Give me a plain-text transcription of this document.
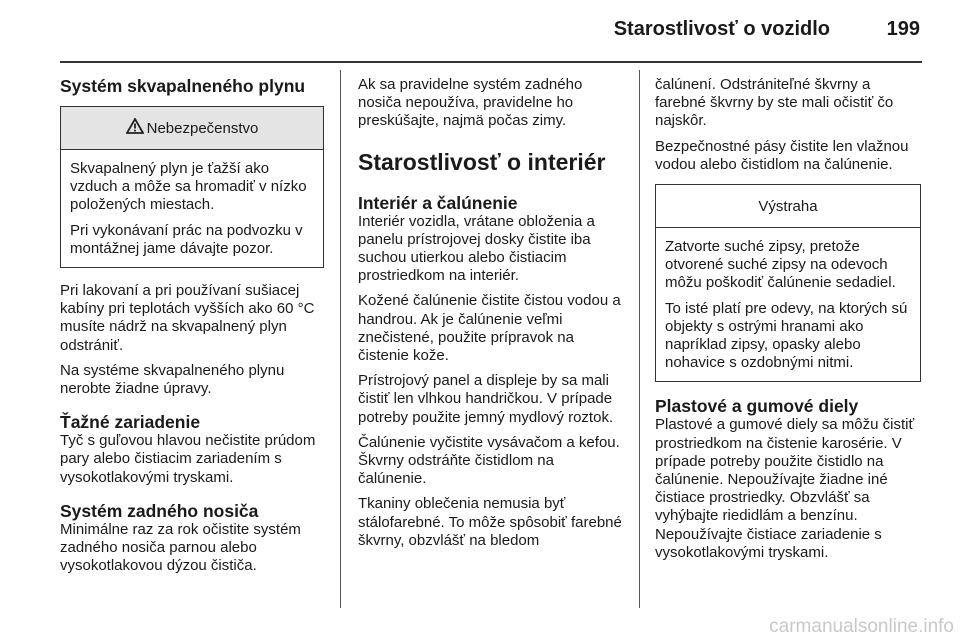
Starostlivosť o vozidlo	199
Systém skvapalneného plynu
Nebezpečenstvo

Skvapalnený plyn je ťažší ako vzduch a môže sa hromadiť v nízko položených miestach.

Pri vykonávaní prác na podvozku v montážnej jame dávajte pozor.

Pri lakovaní a pri používaní sušiacej kabíny pri teplotách vyšších ako 60 °C musíte nádrž na skvapalnený plyn odstrániť.

Na systéme skvapalneného plynu nerobte žiadne úpravy.

Ťažné zariadenie

Tyč s guľovou hlavou nečistite prúdom pary alebo čistiacim zariadením s vysokotlakovými tryskami.

Systém zadného nosiča

Minimálne raz za rok očistite systém zadného nosiča parnou alebo vysokotlakovou dýzou čističa.

Ak sa pravidelne systém zadného nosiča nepoužíva, pravidelne ho preskúšajte, najmä počas zimy.

Starostlivosť o interiér
Interiér a čalúnenie

Interiér vozidla, vrátane obloženia a panelu prístrojovej dosky čistite iba suchou utierkou alebo čistiacim prostriedkom na interiér.

Kožené čalúnenie čistite čistou vodou a handrou. Ak je čalúnenie veľmi znečistené, použite prípravok na čistenie kože.

Prístrojový panel a displeje by sa mali čistiť len vlhkou handričkou. V prípade potreby použite jemný mydlový roztok.

Čalúnenie vyčistite vysávačom a kefou. Škvrny odstráňte čistidlom na čalúnenie.

Tkaniny oblečenia nemusia byť stálofarebné. To môže spôsobiť farebné škvrny, obzvlášť na bledom

čalúnení. Odstrániteľné škvrny a farebné škvrny by ste mali očistiť čo najskôr.

Bezpečnostné pásy čistite len vlažnou vodou alebo čistidlom na čalúnenie.

Výstraha

Zatvorte suché zipsy, pretože otvorené suché zipsy na odevoch môžu poškodiť čalúnenie sedadiel.

To isté platí pre odevy, na ktorých sú objekty s ostrými hranami ako napríklad zipsy, opasky alebo nohavice s ozdobnými nitmi.

Plastové a gumové diely

Plastové a gumové diely sa môžu čistiť prostriedkom na čistenie karosérie. V prípade potreby použite čistidlo na čalúnenie. Nepoužívajte žiadne iné čistiace prostriedky. Obzvlášť sa vyhýbajte riedidlám a benzínu. Nepoužívajte čistiace zariadenie s vysokotlakovými tryskami.

carmanualsonline.info
